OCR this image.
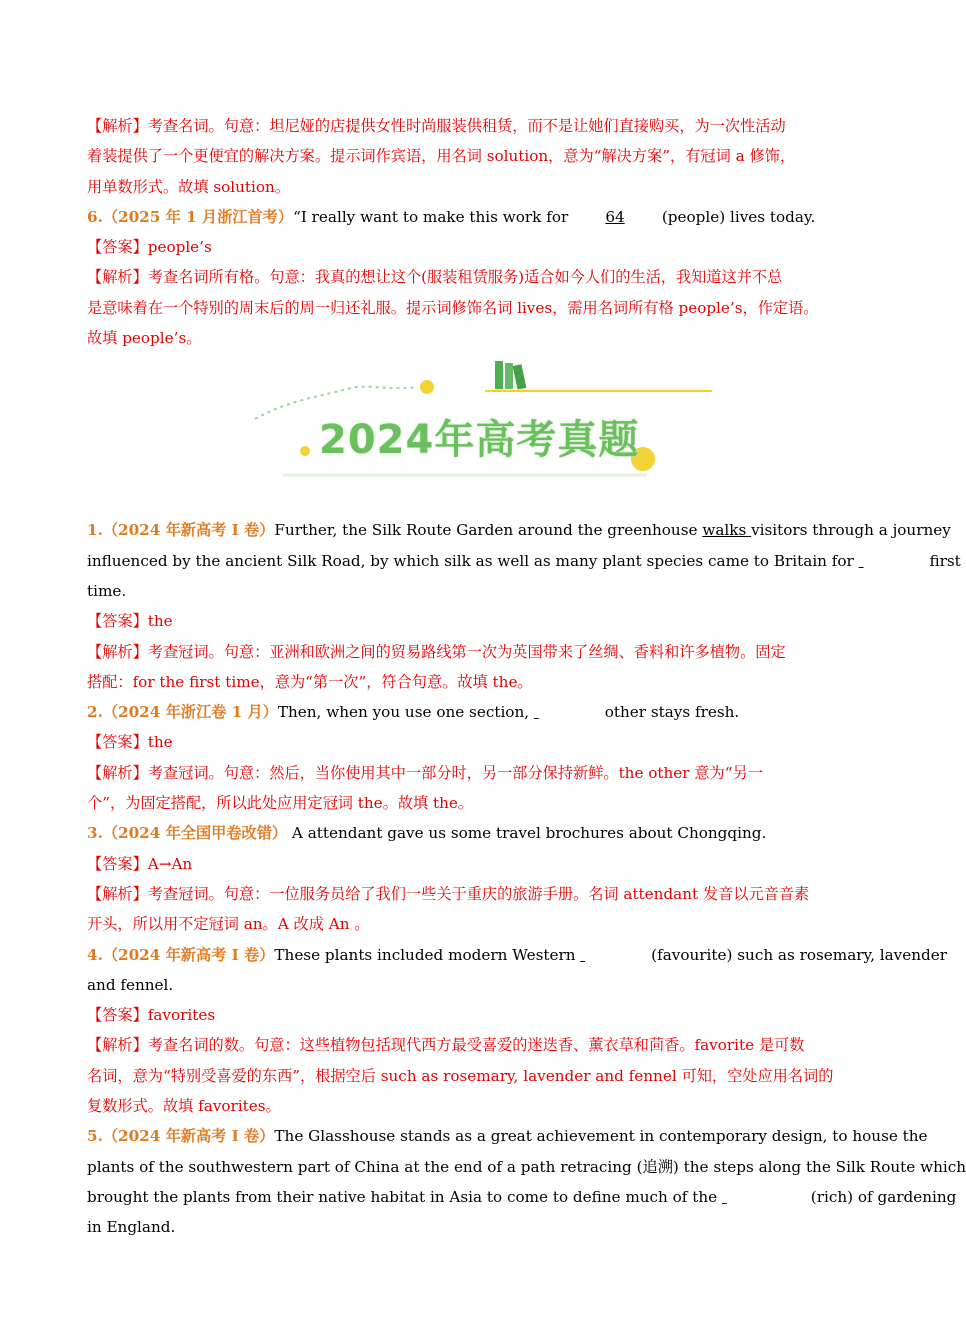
【解析】考查名词。句意：坦尼娅的店提供女性时尚服装供租赁，而不是让她们直接购买，为一次性活动
着装提供了一个更便宜的解决方案。提示词作宾语，用名词 solution，意为“解决方案”，有冠词 a 修饰，
用单数形式。故填 solution。
6.（2025 年 1 月浙江首考）“I really want to make this work for 64 (people) lives today.
【答案】people’s
【解析】考查名词所有格。句意：我真的想让这个(服装租赁服务)适合如今人们的生活，我知道这并不总
是意味着在一个特别的周末后的周一归还礼服。提示词修饰名词 lives，需用名词所有格 people’s，作定语。
故填 people’s。
2024年高考真题
1.（2024 年新高考 I 卷）Further, the Silk Route Garden around the greenhouse walks visitors through a journey
influenced by the ancient Silk Road, by which silk as well as many plant species came to Britain for	first
time.
【答案】the
【解析】考查冠词。句意：亚洲和欧洲之间的贸易路线第一次为英国带来了丝绸、香料和许多植物。固定
搭配：for the first time，意为“第一次”，符合句意。故填 the。
2.（2024 年浙江卷 1 月）Then, when you use one section,	other stays fresh.
【答案】the
【解析】考查冠词。句意：然后，当你使用其中一部分时，另一部分保持新鲜。the other 意为“另一
个”，为固定搭配，所以此处应用定冠词 the。故填 the。
3.（2024 年全国甲卷改错） A attendant gave us some travel brochures about Chongqing.
【答案】A→An
【解析】考查冠词。句意：一位服务员给了我们一些关于重庆的旅游手册。名词 attendant 发音以元音音素
开头，所以用不定冠词 an。A 改成 An 。
4.（2024 年新高考 I 卷）These plants included modern Western	(favourite) such as rosemary, lavender
and fennel.
【答案】favorites
【解析】考查名词的数。句意：这些植物包括现代西方最受喜爱的迷迭香、薰衣草和茴香。favorite 是可数
名词，意为“特别受喜爱的东西”，根据空后 such as rosemary, lavender and fennel 可知，空处应用名词的
复数形式。故填 favorites。
5.（2024 年新高考 I 卷）The Glasshouse stands as a great achievement in contemporary design, to house the
plants of the southwestern part of China at the end of a path retracing (追溯) the steps along the Silk Route which
brought the plants from their native habitat in Asia to come to define much of the	(rich) of gardening
in England.
